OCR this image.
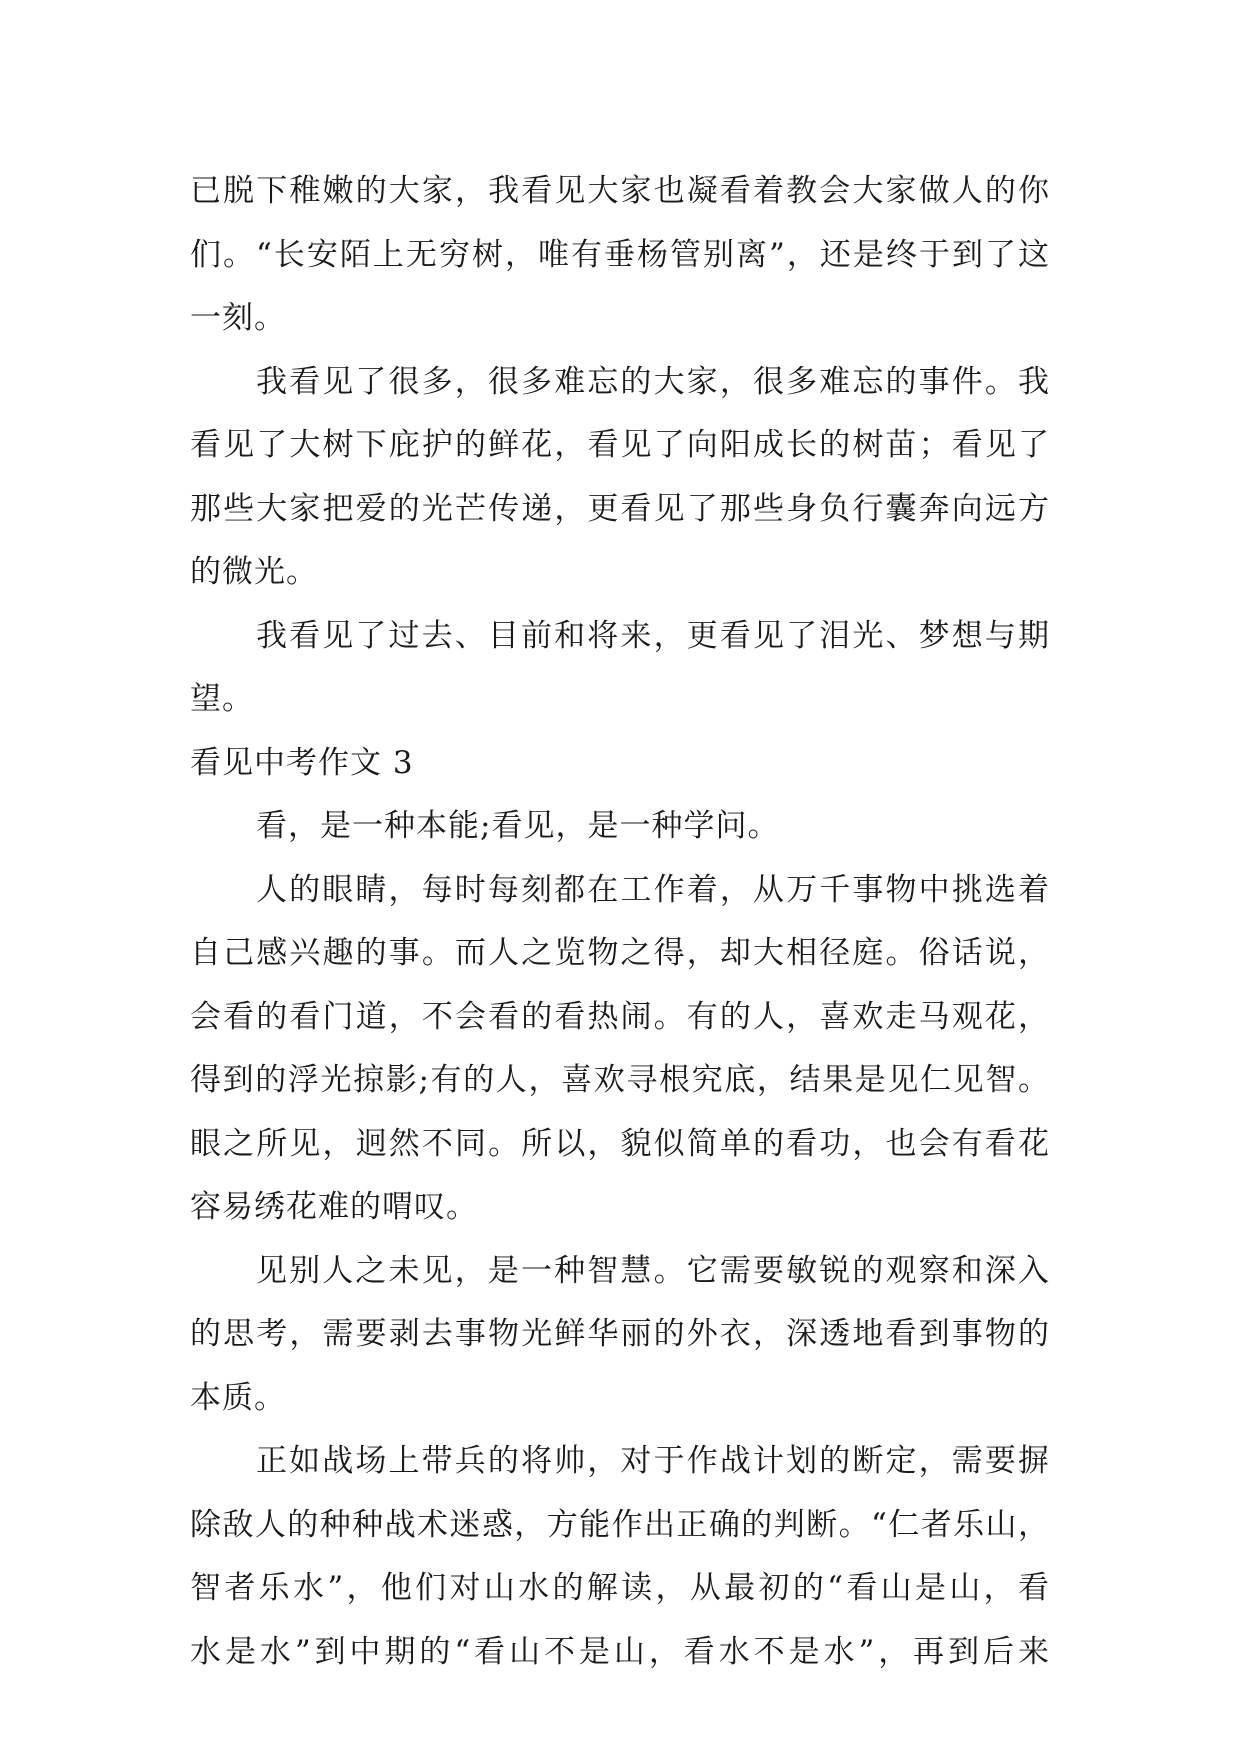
已脱下稚嫩的大家，我看见大家也凝看着教会大家做人的你
们。“长安陌上无穷树，唯有垂杨管别离”，还是终于到了这
一刻。
我看见了很多，很多难忘的大家，很多难忘的事件。我
看见了大树下庇护的鲜花，看见了向阳成长的树苗；看见了
那些大家把爱的光芒传递，更看见了那些身负行囊奔向远方
的微光。
我看见了过去、目前和将来，更看见了泪光、梦想与期
望。
看见中考作文 3
看，是一种本能;看见，是一种学问。
人的眼睛，每时每刻都在工作着，从万千事物中挑选着
自己感兴趣的事。而人之览物之得，却大相径庭。俗话说，
会看的看门道，不会看的看热闹。有的人，喜欢走马观花，
得到的浮光掠影;有的人，喜欢寻根究底，结果是见仁见智。
眼之所见，迥然不同。所以，貌似简单的看功，也会有看花
容易绣花难的喟叹。
见别人之未见，是一种智慧。它需要敏锐的观察和深入
的思考，需要剥去事物光鲜华丽的外衣，深透地看到事物的
本质。
正如战场上带兵的将帅，对于作战计划的断定，需要摒
除敌人的种种战术迷惑，方能作出正确的判断。“仁者乐山，
智者乐水”，他们对山水的解读，从最初的“看山是山，看
水是水”到中期的“看山不是山，看水不是水”，再到后来
